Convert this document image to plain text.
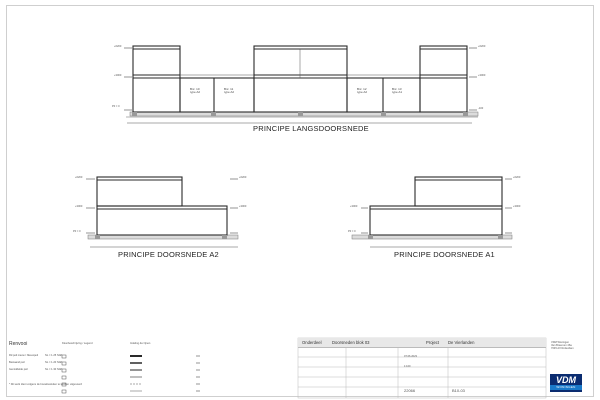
PRINCIPE LANGSDOORSNEDE
PRINCIPE DOORSNEDE A2	PRINCIPE DOORSNEDE A1
Bnr. 10
type A2
Bnr. 11
type A2
Bnr. 12
type A2
Bnr. 13
type A1
+6200
+3000
P0 = 0
+6200
+3000
-100
+6200
+3000
P0 = 0
+6200
+3000	+3000
P0 = 0
+6200
+3000
Renvooi	Kleurbeschrijving / Legend	Indeling der lijnen
Rd peil nieuw / Nieuwpeil	NL = 1.25 NAP
Bestaand peil	NL = 1.20 NAP
Gemiddelde peil	NL = 1.30 NAP
* Dit werk dient volgens de bouwbesluiten te worden uitgevoerd
Onderdeel Doorsneden blok 03	Project De Vierlanden
07.06.2023
1:100
22066	B10-03
VDM Woningen
Van Breemen 46a
7045 AX Rotterdam
VDM
WONINGEN
